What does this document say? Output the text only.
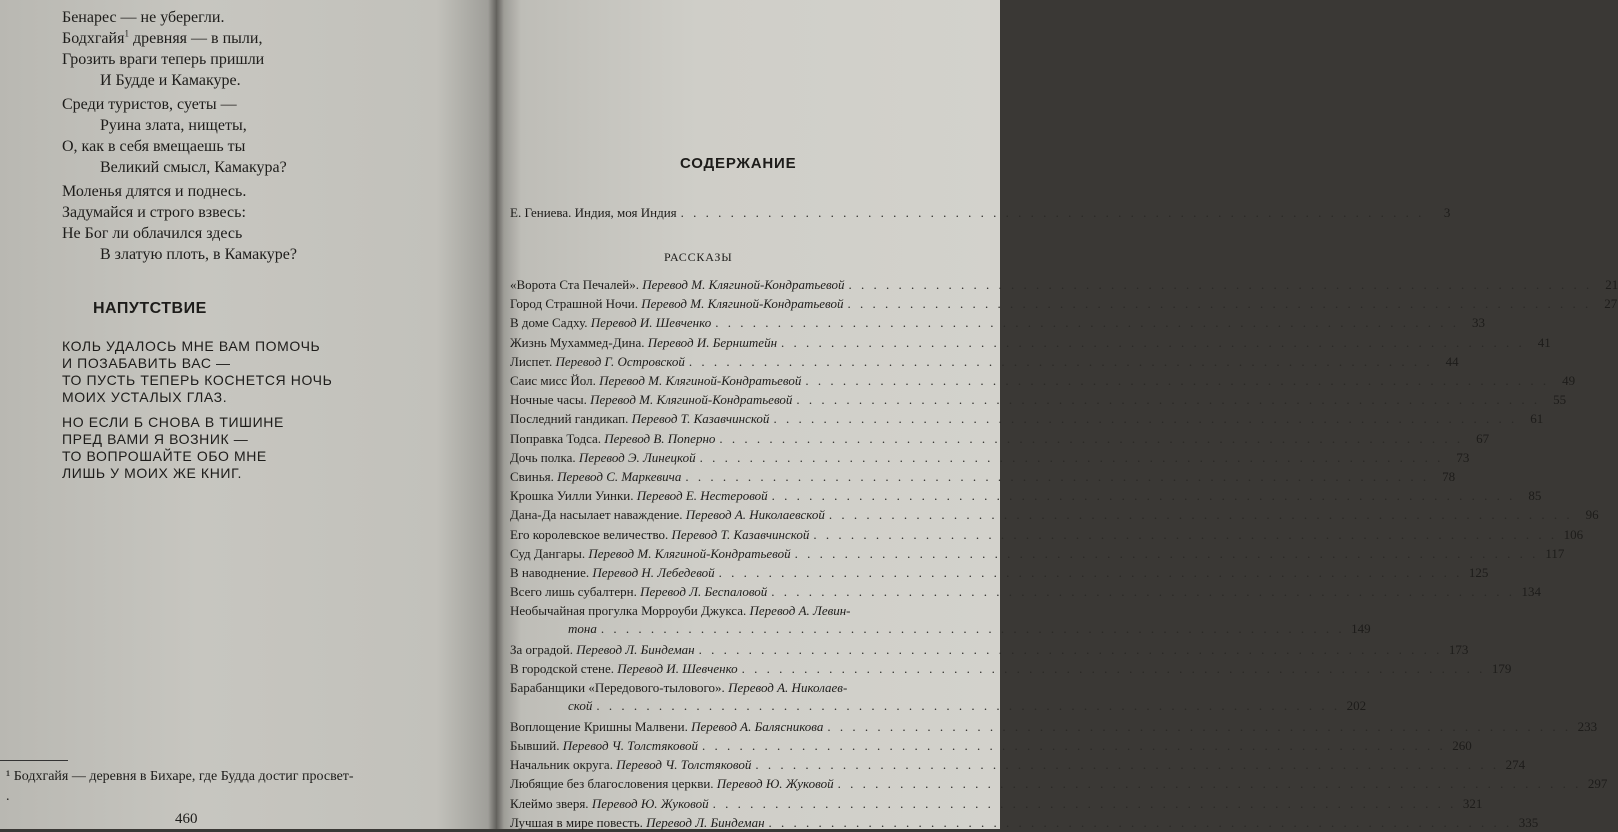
Бенарес — не уберегли.
Бодхгайя$^1$ древняя — в пыли,
Грозить враги теперь пришли
И Будде и Камакуре.
Среди туристов, суеты —
Руина злата, нищеты,
О, как в себя вмещаешь ты
Великий смысл, Камакура?
Моленья длятся и поднесь.
Задумайся и строго взвесь:
Не Бог ли облачился здесь
В златую плоть, в Камакуре?
НАПУТСТВИЕ
КОЛЬ УДАЛОСЬ МНЕ ВАМ ПОМОЧЬ
И ПОЗАБАВИТЬ ВАС —
ТО ПУСТЬ ТЕПЕРЬ КОСНЕТСЯ НОЧЬ
МОИХ УСТАЛЫХ ГЛАЗ.
НО ЕСЛИ Б СНОВА В ТИШИНЕ
ПРЕД ВАМИ Я ВОЗНИК —
ТО ВОПРОШАЙТЕ ОБО МНЕ
ЛИШЬ У МОИХ ЖЕ КНИГ.
¹ Бодхгайя — деревня в Бихаре, где Будда достиг просвет-
.
460
СОДЕРЖАНИЕ
РАССКАЗЫ
Е. Гениева. Индия, моя Индия . . . . . . . . . . . . . . . . . . . . . . . . . . . . . . . . . . . . . . . . . . . . . . . . . . . . . . . . . . . .	3
«Ворота Ста Печалей». Перевод М. Клягиной-Кондратьевой . . . . . . . . . . . . . . . . . . . . . . . . . . . . . . . . . . . . . . . . . . . . . . . . . . . . . . . . . . . .	21
Город Страшной Ночи. Перевод М. Клягиной-Кондратьевой . . . . . . . . . . . . . . . . . . . . . . . . . . . . . . . . . . . . . . . . . . . . . . . . . . . . . . . . . . . .	27
В доме Садху. Перевод И. Шевченко . . . . . . . . . . . . . . . . . . . . . . . . . . . . . . . . . . . . . . . . . . . . . . . . . . . . . . . . . . . .	33
Жизнь Мухаммед-Дина. Перевод И. Бернштейн . . . . . . . . . . . . . . . . . . . . . . . . . . . . . . . . . . . . . . . . . . . . . . . . . . . . . . . . . . . .	41
Лиспет. Перевод Г. Островской . . . . . . . . . . . . . . . . . . . . . . . . . . . . . . . . . . . . . . . . . . . . . . . . . . . . . . . . . . . .	44
Саис мисс Йол. Перевод М. Клягиной-Кондратьевой . . . . . . . . . . . . . . . . . . . . . . . . . . . . . . . . . . . . . . . . . . . . . . . . . . . . . . . . . . . .	49
Ночные часы. Перевод М. Клягиной-Кондратьевой . . . . . . . . . . . . . . . . . . . . . . . . . . . . . . . . . . . . . . . . . . . . . . . . . . . . . . . . . . . .	55
Последний гандикап. Перевод Т. Казавчинской . . . . . . . . . . . . . . . . . . . . . . . . . . . . . . . . . . . . . . . . . . . . . . . . . . . . . . . . . . . .	61
Поправка Тодса. Перевод В. Поперно . . . . . . . . . . . . . . . . . . . . . . . . . . . . . . . . . . . . . . . . . . . . . . . . . . . . . . . . . . . .	67
Дочь полка. Перевод Э. Линецкой . . . . . . . . . . . . . . . . . . . . . . . . . . . . . . . . . . . . . . . . . . . . . . . . . . . . . . . . . . . .	73
Свинья. Перевод С. Маркевича . . . . . . . . . . . . . . . . . . . . . . . . . . . . . . . . . . . . . . . . . . . . . . . . . . . . . . . . . . . .	78
Крошка Уилли Уинки. Перевод Е. Нестеровой . . . . . . . . . . . . . . . . . . . . . . . . . . . . . . . . . . . . . . . . . . . . . . . . . . . . . . . . . . . .	85
Дана-Да насылает наваждение. Перевод А. Николаевской . . . . . . . . . . . . . . . . . . . . . . . . . . . . . . . . . . . . . . . . . . . . . . . . . . . . . . . . . . . .	96
Его королевское величество. Перевод Т. Казавчинской . . . . . . . . . . . . . . . . . . . . . . . . . . . . . . . . . . . . . . . . . . . . . . . . . . . . . . . . . . . . 106
Суд Дангары. Перевод М. Клягиной-Кондратьевой . . . . . . . . . . . . . . . . . . . . . . . . . . . . . . . . . . . . . . . . . . . . . . . . . . . . . . . . . . . . 117
В наводнение. Перевод Н. Лебедевой . . . . . . . . . . . . . . . . . . . . . . . . . . . . . . . . . . . . . . . . . . . . . . . . . . . . . . . . . . . . 125
Всего лишь субалтерн. Перевод Л. Беспаловой . . . . . . . . . . . . . . . . . . . . . . . . . . . . . . . . . . . . . . . . . . . . . . . . . . . . . . . . . . . . 134
Необычайная прогулка Морроуби Джукса. Перевод А. Левин-
тона . . . . . . . . . . . . . . . . . . . . . . . . . . . . . . . . . . . . . . . . . . . . . . . . . . . . . . . . . . . . 149
За оградой. Перевод Л. Биндеман . . . . . . . . . . . . . . . . . . . . . . . . . . . . . . . . . . . . . . . . . . . . . . . . . . . . . . . . . . . . 173
В городской стене. Перевод И. Шевченко . . . . . . . . . . . . . . . . . . . . . . . . . . . . . . . . . . . . . . . . . . . . . . . . . . . . . . . . . . . . 179
Барабанщики «Передового-тылового». Перевод А. Николаев-
ской . . . . . . . . . . . . . . . . . . . . . . . . . . . . . . . . . . . . . . . . . . . . . . . . . . . . . . . . . . . . 202
Воплощение Кришны Малвени. Перевод А. Балясникова . . . . . . . . . . . . . . . . . . . . . . . . . . . . . . . . . . . . . . . . . . . . . . . . . . . . . . . . . . . . 233
Бывший. Перевод Ч. Толстяковой . . . . . . . . . . . . . . . . . . . . . . . . . . . . . . . . . . . . . . . . . . . . . . . . . . . . . . . . . . . . 260
Начальник округа. Перевод Ч. Толстяковой . . . . . . . . . . . . . . . . . . . . . . . . . . . . . . . . . . . . . . . . . . . . . . . . . . . . . . . . . . . . 274
Любящие без благословения церкви. Перевод Ю. Жуковой . . . . . . . . . . . . . . . . . . . . . . . . . . . . . . . . . . . . . . . . . . . . . . . . . . . . . . . . . . . . 297
Клеймо зверя. Перевод Ю. Жуковой . . . . . . . . . . . . . . . . . . . . . . . . . . . . . . . . . . . . . . . . . . . . . . . . . . . . . . . . . . . . 321
Лучшая в мире повесть. Перевод Л. Биндеман . . . . . . . . . . . . . . . . . . . . . . . . . . . . . . . . . . . . . . . . . . . . . . . . . . . . . . . . . . . . 335
